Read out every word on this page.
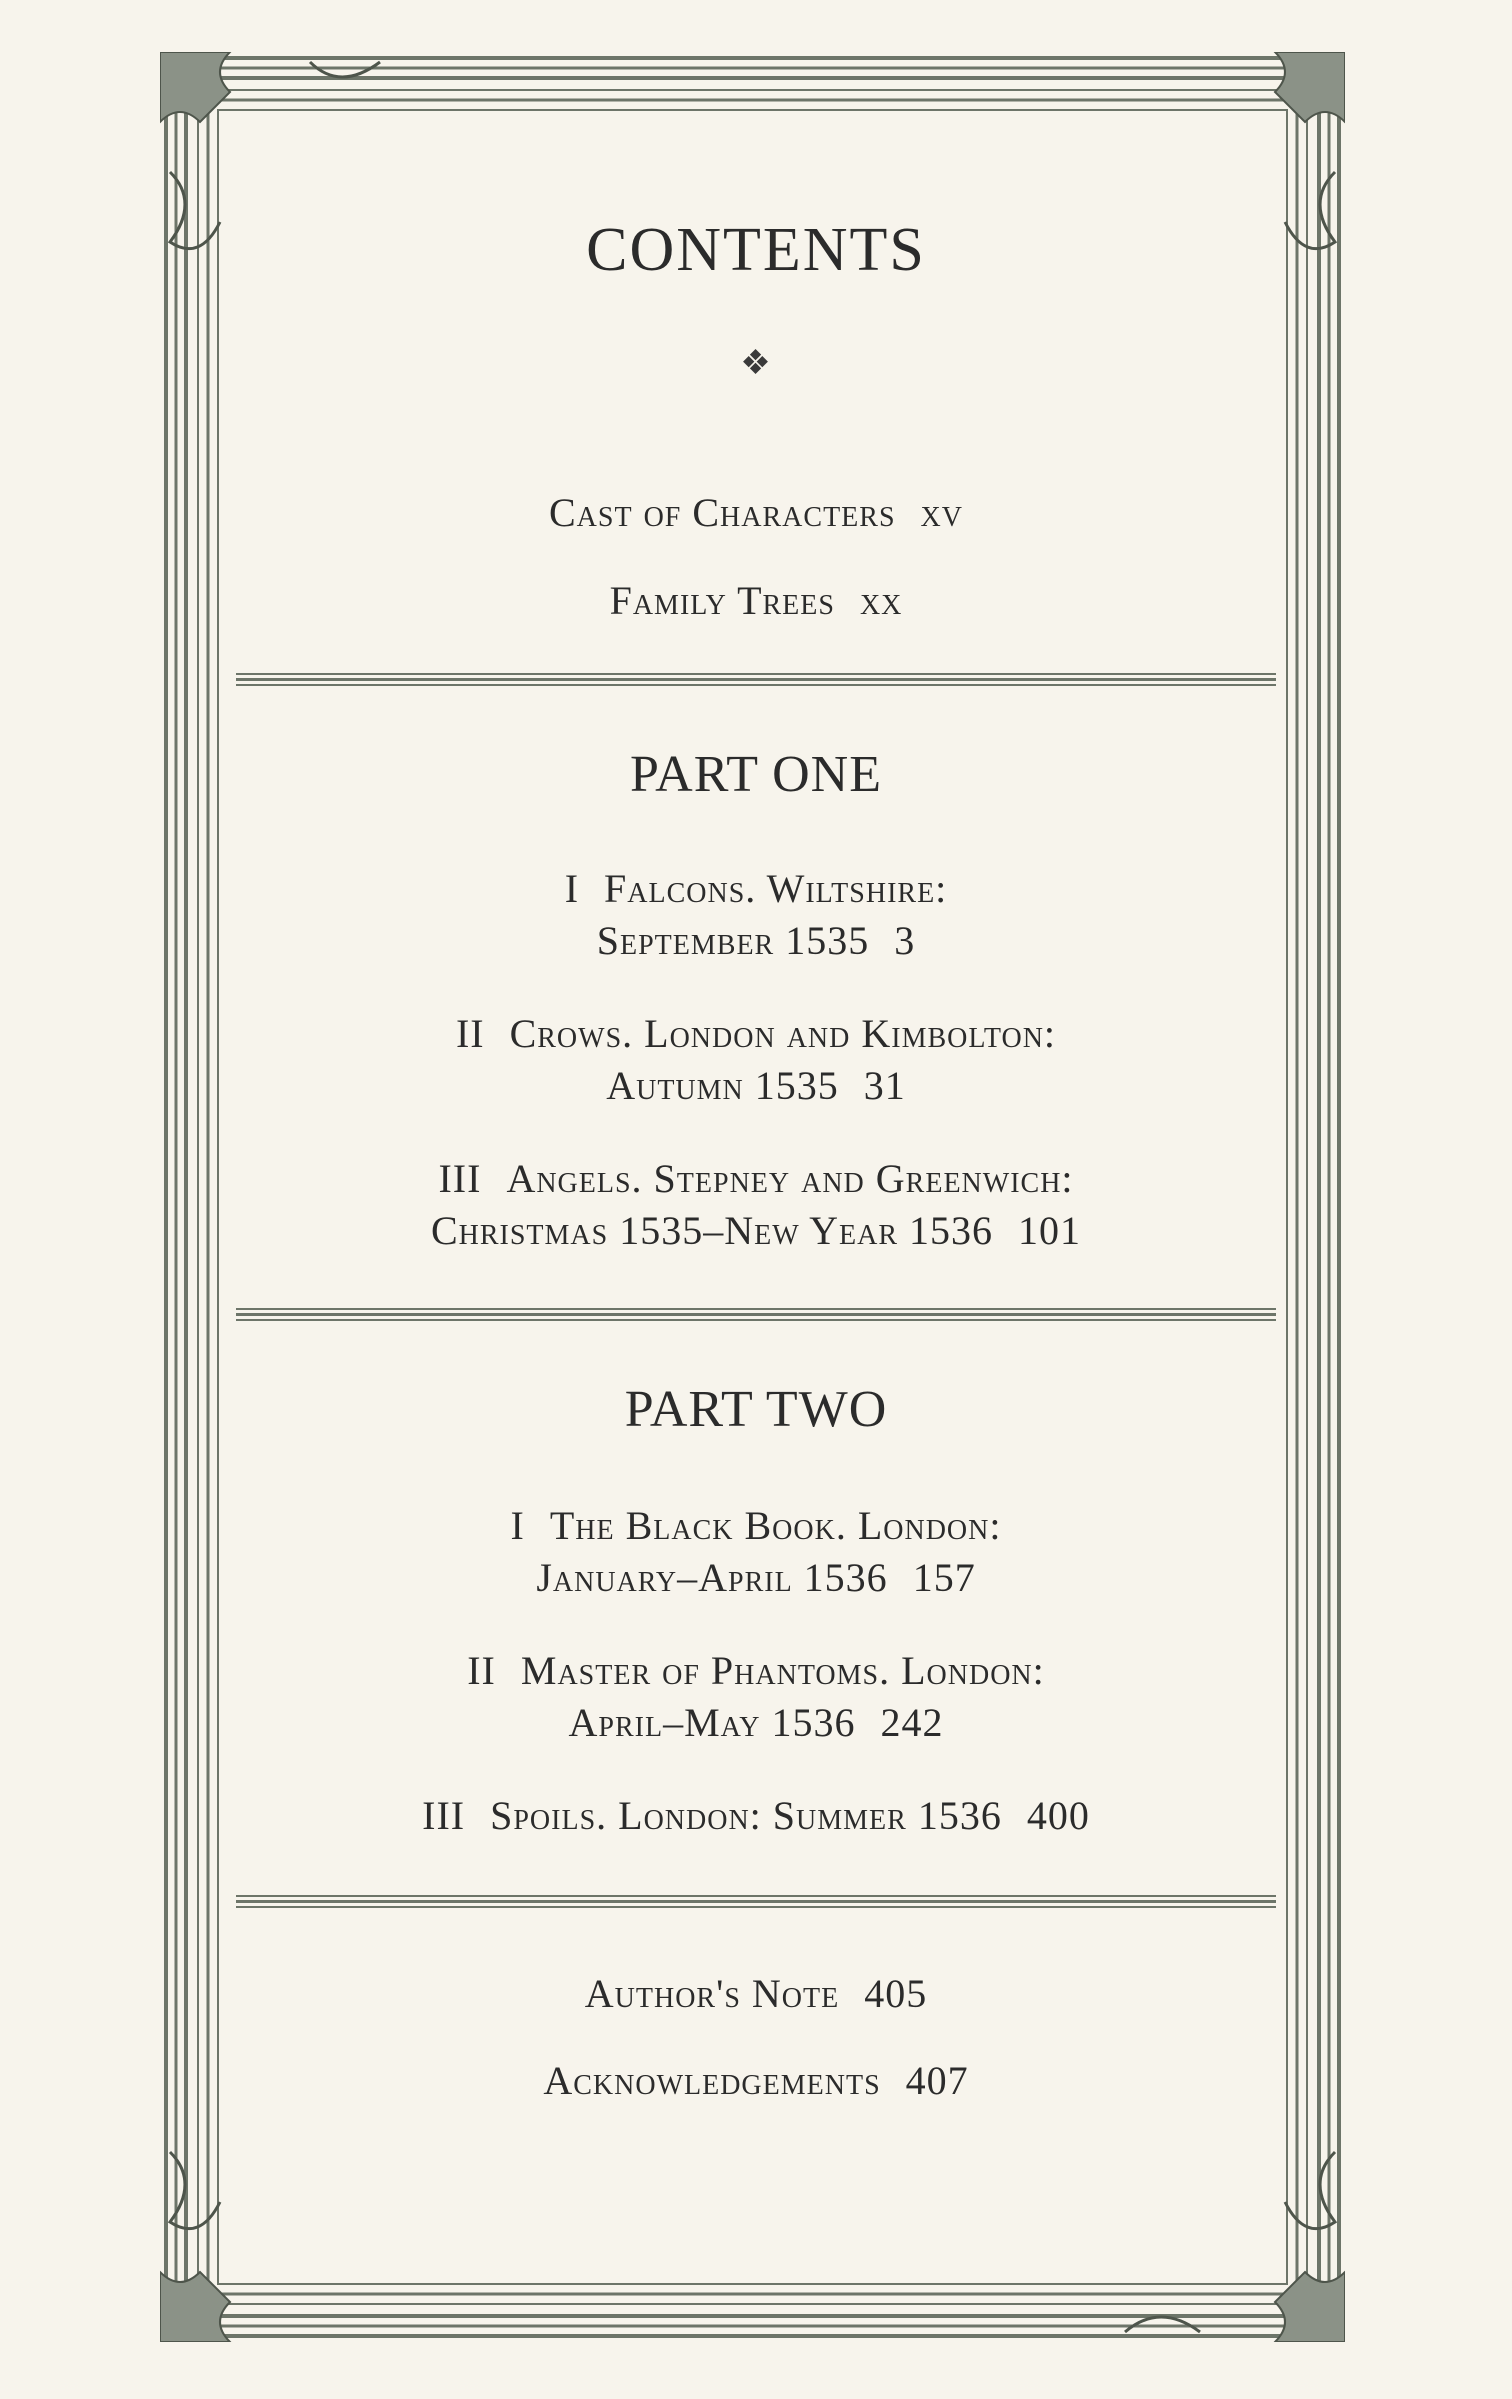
CONTENTS
❖
Cast of Characters xv
Family Trees xx
PART ONE
I Falcons. Wiltshire:
September 1535 3
II Crows. London and Kimbolton:
Autumn 1535 31
III Angels. Stepney and Greenwich:
Christmas 1535–New Year 1536 101
PART TWO
I The Black Book. London:
January–April 1536 157
II Master of Phantoms. London:
April–May 1536 242
III Spoils. London: Summer 1536 400
Author's Note 405
Acknowledgements 407
